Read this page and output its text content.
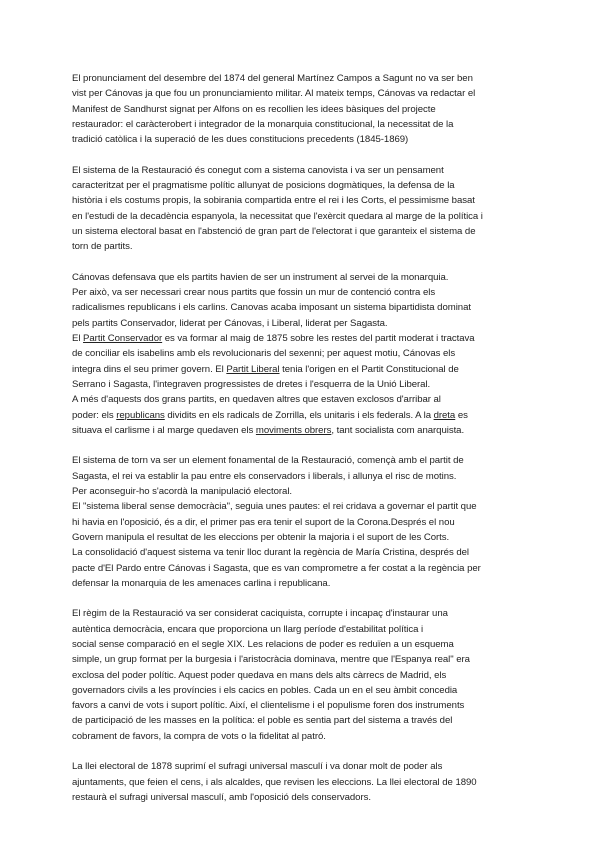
El pronunciament del desembre del 1874 del general Martínez Campos a Sagunt no va ser ben
vist per Cánovas ja que fou un pronunciamiento militar. Al mateix temps, Cánovas va redactar el
Manifest de Sandhurst signat per Alfons on es recollien les idees bàsiques del projecte
restaurador: el caràcterobert i integrador de la monarquia constitucional, la necessitat de la
tradició catòlica i la superació de les dues constitucions precedents (1845-1869)

El sistema de la Restauració és conegut com a sistema canovista i va ser un pensament
caracteritzat per el pragmatisme polític allunyat de posicions dogmàtiques, la defensa de la
història i els costums propis, la sobirania compartida entre el rei i les Corts, el pessimisme basat
en l'estudi de la decadència espanyola, la necessitat que l'exèrcit quedara al marge de la política i
un sistema electoral basat en l'abstenció de gran part de l'electorat i que garanteix el sistema de
torn de partits.

Cánovas defensava que els partits havien de ser un instrument al servei de la monarquia.
Per això, va ser necessari crear nous partits que fossin un mur de contenció contra els
radicalismes republicans i els carlins. Canovas acaba imposant un sistema bipartidista dominat
pels partits Conservador, liderat per Cánovas, i Liberal, liderat per Sagasta.
El Partit Conservador es va formar al maig de 1875 sobre les restes del partit moderat i tractava
de conciliar els isabelins amb els revolucionaris del sexenni; per aquest motiu, Cánovas els
integra dins el seu primer govern. El Partit Liberal tenia l'origen en el Partit Constitucional de
Serrano i Sagasta, l'integraven progressistes de dretes i l'esquerra de la Unió Liberal.
A més d'aquests dos grans partits, en quedaven altres que estaven exclosos d'arribar al
poder: els republicans dividits en els radicals de Zorrilla, els unitaris i els federals. A la dreta es
situava el carlisme i al marge quedaven els moviments obrers, tant socialista com anarquista.

El sistema de torn va ser un element fonamental de la Restauració, començà amb el partit de
Sagasta, el rei va establir la pau entre els conservadors i liberals, i allunya el risc de motins.
Per aconseguir-ho s'acordà la manipulació electoral.
El "sistema liberal sense democràcia", seguia unes pautes: el rei cridava a governar el partit que
hi havia en l'oposició, és a dir, el primer pas era tenir el suport de la Corona.Després el nou
Govern manipula el resultat de les eleccions per obtenir la majoria i el suport de les Corts.
La consolidació d'aquest sistema va tenir lloc durant la regència de María Cristina, després del
pacte d'El Pardo entre Cánovas i Sagasta, que es van comprometre a fer costat a la regència per
defensar la monarquia de les amenaces carlina i republicana.

El règim de la Restauració va ser considerat caciquista, corrupte i incapaç d'instaurar una
autèntica democràcia, encara que proporciona un llarg període d'estabilitat política i
social sense comparació en el segle XIX. Les relacions de poder es reduïen a un esquema
simple, un grup format per la burgesia i l'aristocràcia dominava, mentre que l'Espanya real" era
exclosa del poder polític. Aquest poder quedava en mans dels alts càrrecs de Madrid, els
governadors civils a les províncies i els cacics en pobles. Cada un en el seu àmbit concedia
favors a canvi de vots i suport polític. Així, el clientelisme i el populisme foren dos instruments
de participació de les masses en la política: el poble es sentia part del sistema a través del
cobrament de favors, la compra de vots o la fidelitat al patró.

La llei electoral de 1878 suprimí el sufragi universal masculí i va donar molt de poder als
ajuntaments, que feien el cens, i als alcaldes, que revisen les eleccions. La llei electoral de 1890
restaurà el sufragi universal masculí, amb l'oposició dels conservadors.
